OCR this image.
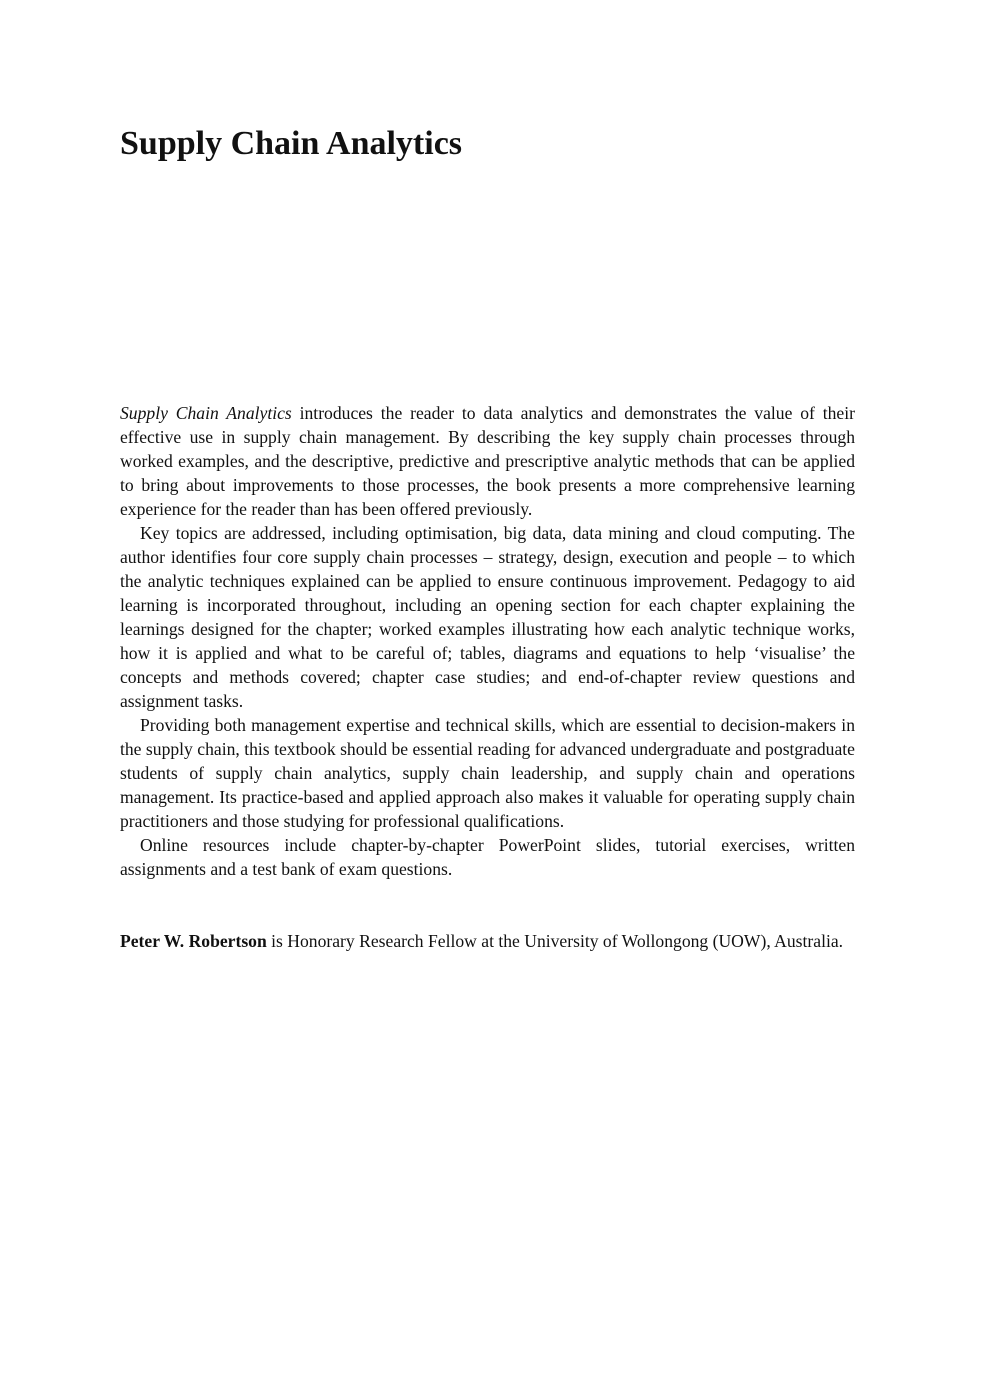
Supply Chain Analytics

Supply Chain Analytics introduces the reader to data analytics and demonstrates the value of their effective use in supply chain management. By describing the key supply chain processes through worked examples, and the descriptive, predictive and prescriptive analytic methods that can be applied to bring about improvements to those processes, the book presents a more comprehensive learning experience for the reader than has been offered previously.

Key topics are addressed, including optimisation, big data, data mining and cloud computing. The author identifies four core supply chain processes – strategy, design, execution and people – to which the analytic techniques explained can be applied to ensure continuous improvement. Pedagogy to aid learning is incorporated throughout, including an opening section for each chapter explaining the learnings designed for the chapter; worked examples illustrating how each analytic technique works, how it is applied and what to be careful of; tables, diagrams and equations to help ‘visualise’ the concepts and methods covered; chapter case studies; and end-of-chapter review questions and assignment tasks.

Providing both management expertise and technical skills, which are essential to decision-makers in the supply chain, this textbook should be essential reading for advanced undergraduate and postgraduate students of supply chain analytics, supply chain leadership, and supply chain and operations management. Its practice-based and applied approach also makes it valuable for operating supply chain practitioners and those studying for professional qualifications.

Online resources include chapter-by-chapter PowerPoint slides, tutorial exercises, written assignments and a test bank of exam questions.

Peter W. Robertson is Honorary Research Fellow at the University of Wollongong (UOW), Australia.
